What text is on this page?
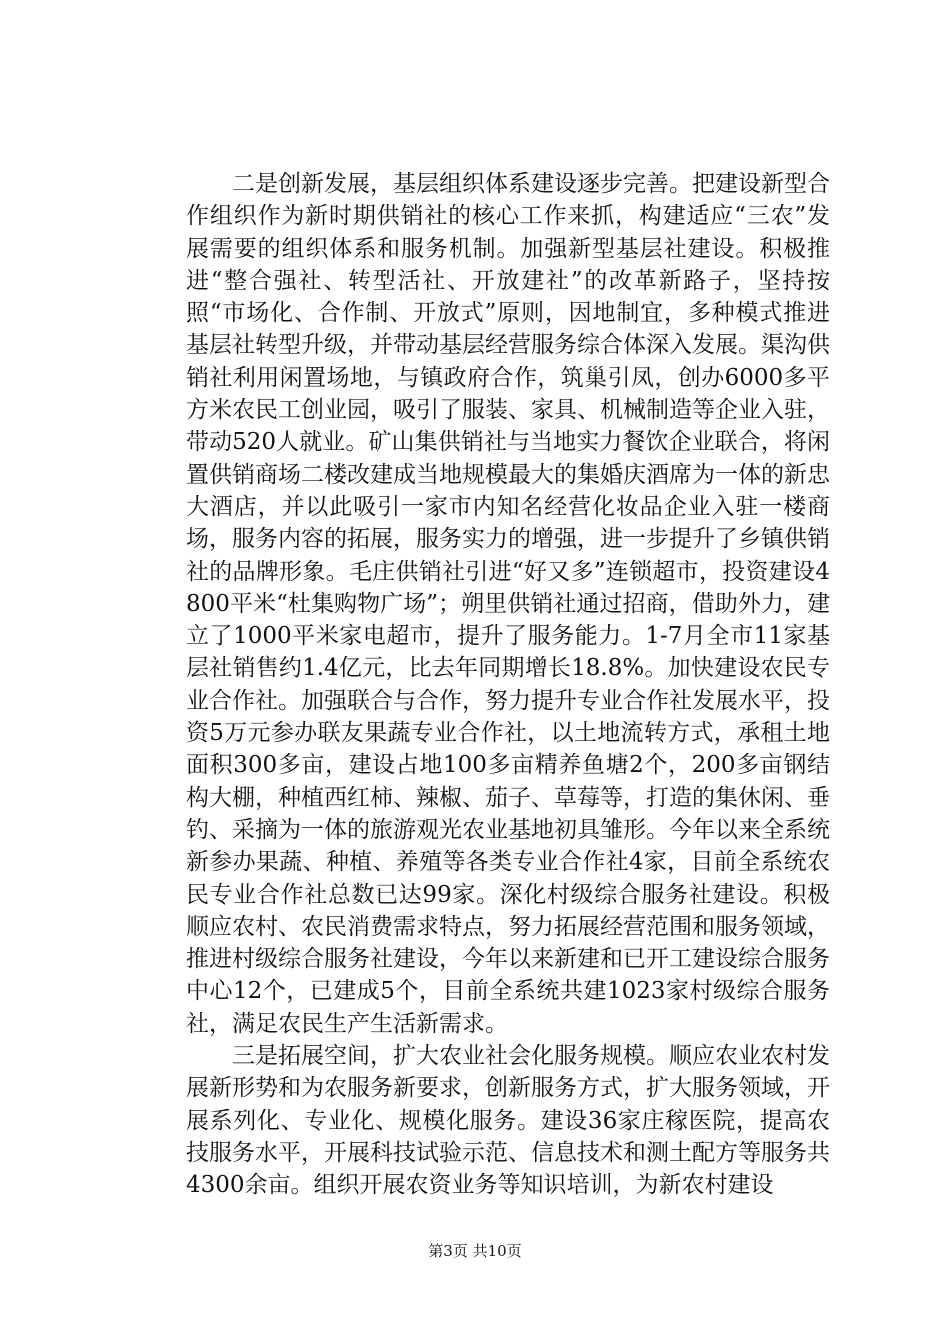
二是创新发展，基层组织体系建设逐步完善。把建设新型合作组织作为新时期供销社的核心工作来抓，构建适应“三农”发展需要的组织体系和服务机制。加强新型基层社建设。积极推进“整合强社、转型活社、开放建社”的改革新路子，坚持按照“市场化、合作制、开放式”原则，因地制宜，多种模式推进基层社转型升级，并带动基层经营服务综合体深入发展。渠沟供销社利用闲置场地，与镇政府合作，筑巢引凤，创办6000多平方米农民工创业园，吸引了服装、家具、机械制造等企业入驻，带动520人就业。矿山集供销社与当地实力餐饮企业联合，将闲置供销商场二楼改建成当地规模最大的集婚庆酒席为一体的新忠大酒店，并以此吸引一家市内知名经营化妆品企业入驻一楼商场，服务内容的拓展，服务实力的增强，进一步提升了乡镇供销社的品牌形象。毛庄供销社引进“好又多”连锁超市，投资建设4800平米“杜集购物广场”；朔里供销社通过招商，借助外力，建立了1000平米家电超市，提升了服务能力。1-7月全市11家基层社销售约1.4亿元，比去年同期增长18.8%。加快建设农民专业合作社。加强联合与合作，努力提升专业合作社发展水平，投资5万元参办联友果蔬专业合作社，以土地流转方式，承租土地面积300多亩，建设占地100多亩精养鱼塘2个，200多亩钢结构大棚，种植西红柿、辣椒、茄子、草莓等，打造的集休闲、垂钓、采摘为一体的旅游观光农业基地初具雏形。今年以来全系统新参办果蔬、种植、养殖等各类专业合作社4家，目前全系统农民专业合作社总数已达99家。深化村级综合服务社建设。积极顺应农村、农民消费需求特点，努力拓展经营范围和服务领域，推进村级综合服务社建设，今年以来新建和已开工建设综合服务中心12个，已建成5个，目前全系统共建1023家村级综合服务社，满足农民生产生活新需求。

三是拓展空间，扩大农业社会化服务规模。顺应农业农村发展新形势和为农服务新要求，创新服务方式，扩大服务领域，开展系列化、专业化、规模化服务。建设36家庄稼医院，提高农技服务水平，开展科技试验示范、信息技术和测土配方等服务共4300余亩。组织开展农资业务等知识培训，为新农村建设

第3页 共10页
